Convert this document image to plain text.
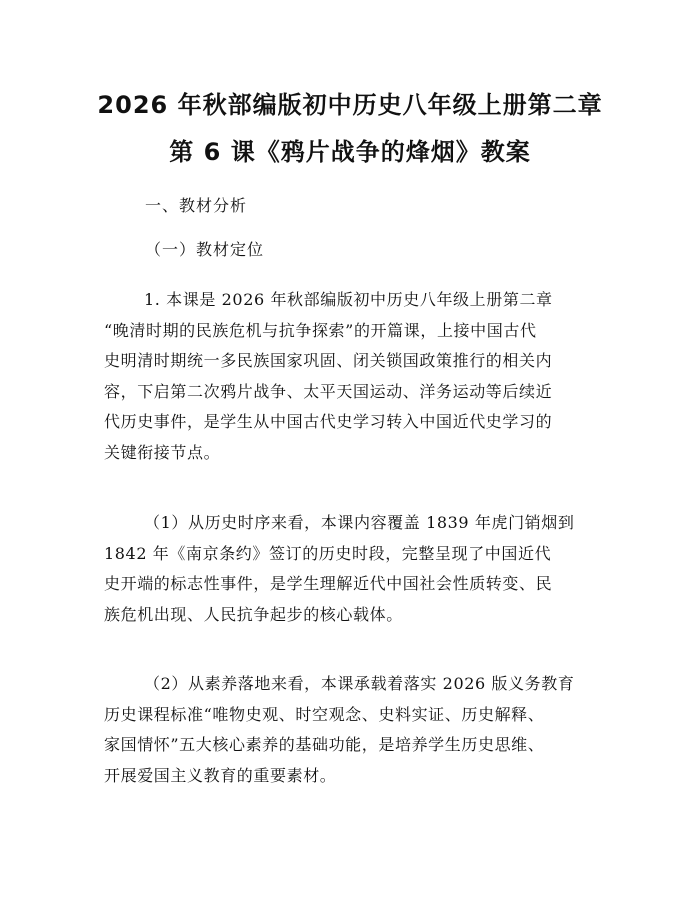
2026 年秋部编版初中历史八年级上册第二章
第 6 课《鸦片战争的烽烟》教案

一、教材分析

（一）教材定位

1. 本课是 2026 年秋部编版初中历史八年级上册第二章
“晚清时期的民族危机与抗争探索”的开篇课，上接中国古代
史明清时期统一多民族国家巩固、闭关锁国政策推行的相关内
容，下启第二次鸦片战争、太平天国运动、洋务运动等后续近
代历史事件，是学生从中国古代史学习转入中国近代史学习的
关键衔接节点。
（1）从历史时序来看，本课内容覆盖 1839 年虎门销烟到
1842 年《南京条约》签订的历史时段，完整呈现了中国近代
史开端的标志性事件，是学生理解近代中国社会性质转变、民
族危机出现、人民抗争起步的核心载体。
（2）从素养落地来看，本课承载着落实 2026 版义务教育
历史课程标准“唯物史观、时空观念、史料实证、历史解释、
家国情怀”五大核心素养的基础功能，是培养学生历史思维、
开展爱国主义教育的重要素材。
